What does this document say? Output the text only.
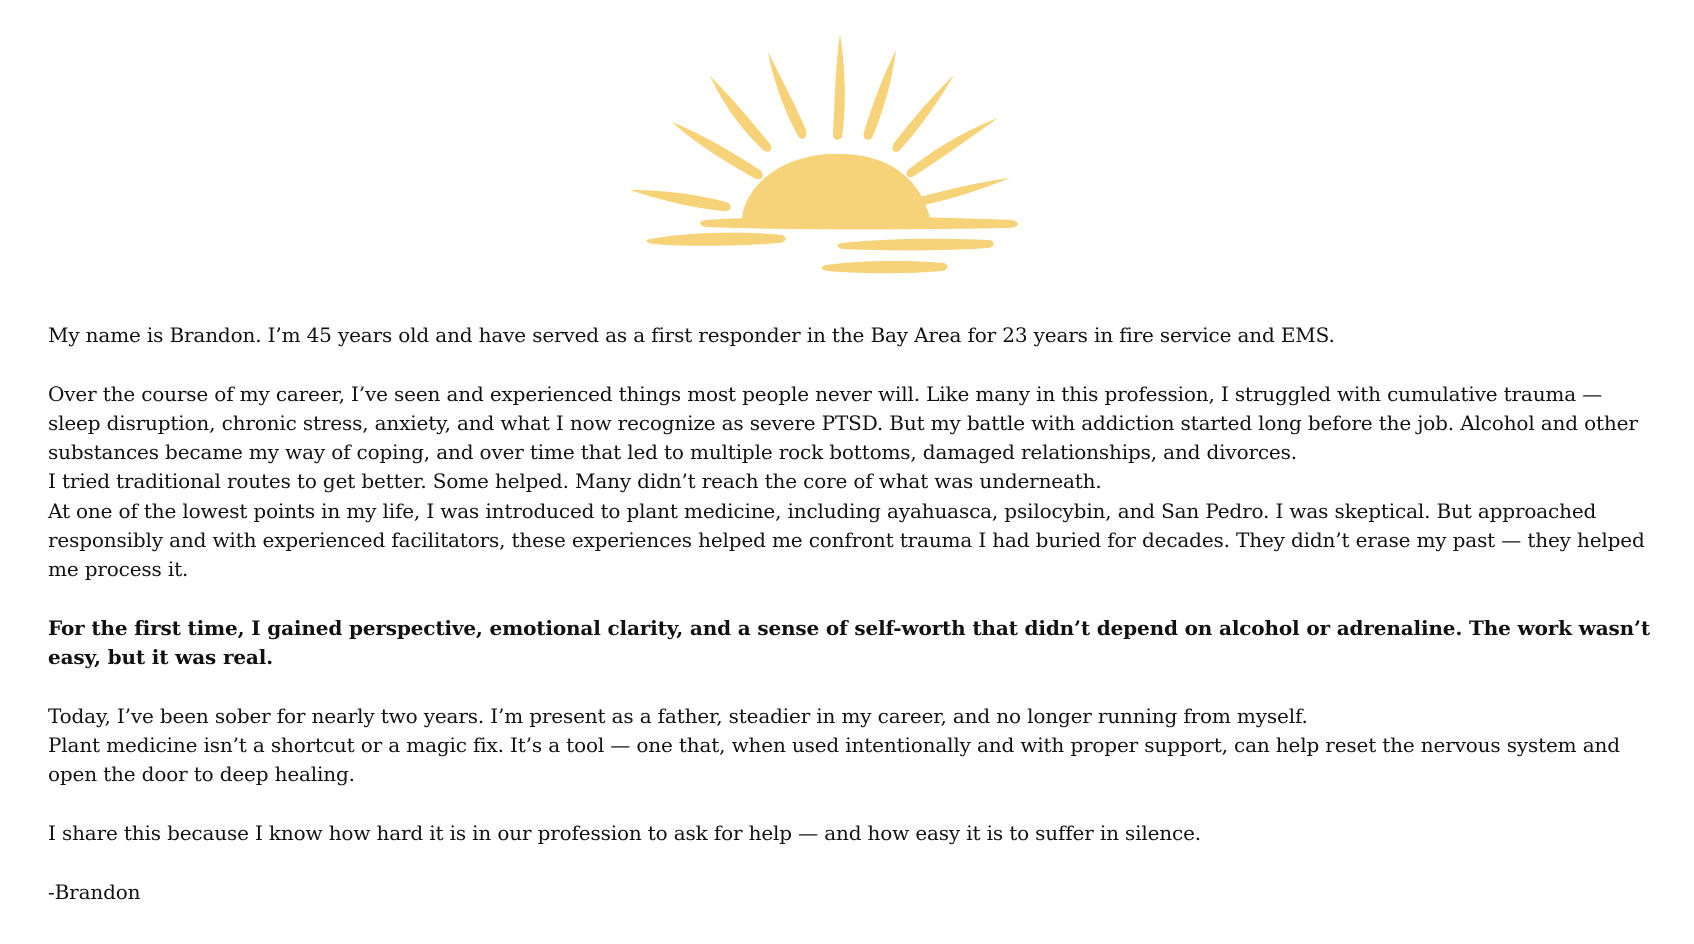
My name is Brandon. I’m 45 years old and have served as a first responder in the Bay Area for 23 years in fire service and EMS.

Over the course of my career, I’ve seen and experienced things most people never will. Like many in this profession, I struggled with cumulative trauma — sleep disruption, chronic stress, anxiety, and what I now recognize as severe PTSD. But my battle with addiction started long before the job. Alcohol and other substances became my way of coping, and over time that led to multiple rock bottoms, damaged relationships, and divorces.

I tried traditional routes to get better. Some helped. Many didn’t reach the core of what was underneath.

At one of the lowest points in my life, I was introduced to plant medicine, including ayahuasca, psilocybin, and San Pedro. I was skeptical. But approached responsibly and with experienced facilitators, these experiences helped me confront trauma I had buried for decades. They didn’t erase my past — they helped me process it.

For the first time, I gained perspective, emotional clarity, and a sense of self-worth that didn’t depend on alcohol or adrenaline. The work wasn’t easy, but it was real.

Today, I’ve been sober for nearly two years. I’m present as a father, steadier in my career, and no longer running from myself.

Plant medicine isn’t a shortcut or a magic fix. It’s a tool — one that, when used intentionally and with proper support, can help reset the nervous system and open the door to deep healing.

I share this because I know how hard it is in our profession to ask for help — and how easy it is to suffer in silence.

-Brandon
